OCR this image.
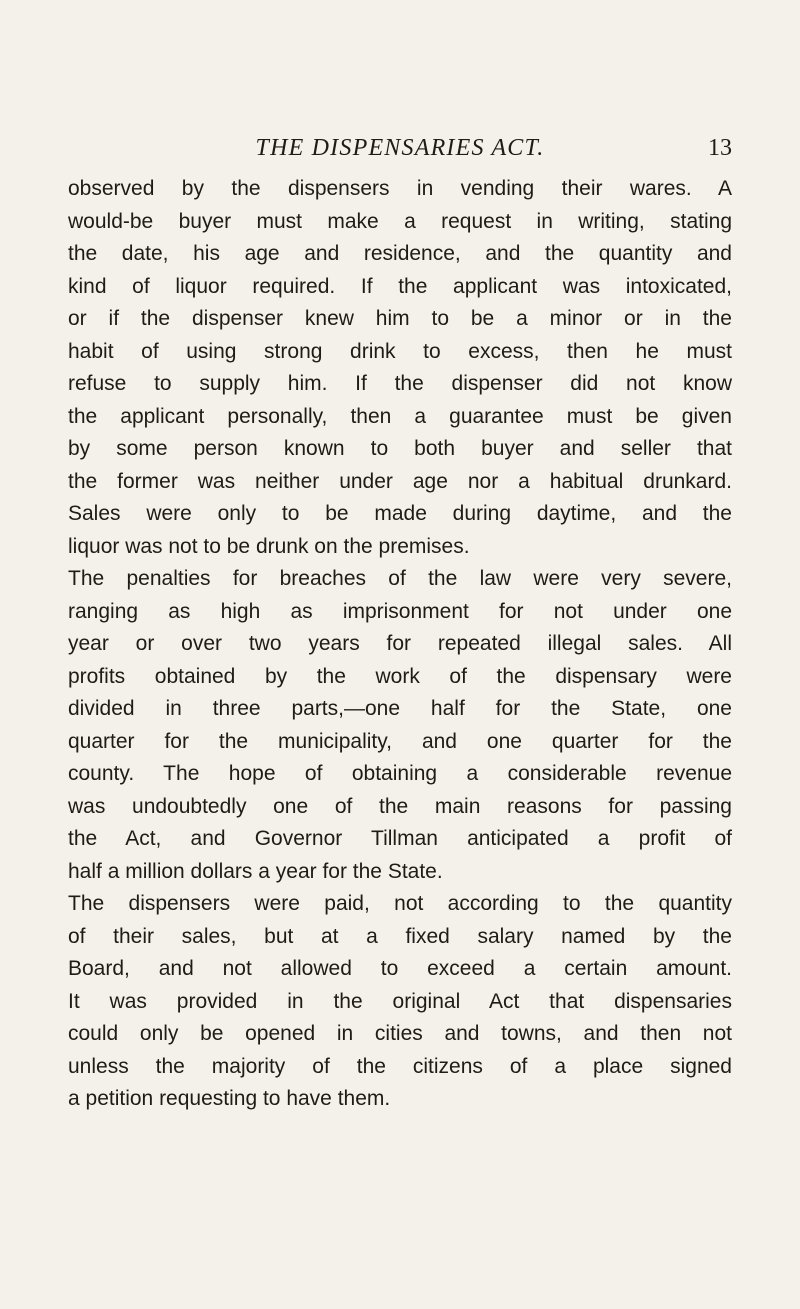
THE DISPENSARIES ACT.	13
observed by the dispensers in vending their wares. A
would-be buyer must make a request in writing, stating
the date, his age and residence, and the quantity and
kind of liquor required. If the applicant was intoxicated,
or if the dispenser knew him to be a minor or in the
habit of using strong drink to excess, then he must
refuse to supply him. If the dispenser did not know
the applicant personally, then a guarantee must be given
by some person known to both buyer and seller that
the former was neither under age nor a habitual drunkard.
Sales were only to be made during daytime, and the
liquor was not to be drunk on the premises.
The penalties for breaches of the law were very severe,
ranging as high as imprisonment for not under one
year or over two years for repeated illegal sales. All
profits obtained by the work of the dispensary were
divided in three parts,—one half for the State, one
quarter for the municipality, and one quarter for the
county. The hope of obtaining a considerable revenue
was undoubtedly one of the main reasons for passing
the Act, and Governor Tillman anticipated a profit of
half a million dollars a year for the State.
The dispensers were paid, not according to the quantity
of their sales, but at a fixed salary named by the
Board, and not allowed to exceed a certain amount.
It was provided in the original Act that dispensaries
could only be opened in cities and towns, and then not
unless the majority of the citizens of a place signed
a petition requesting to have them.
